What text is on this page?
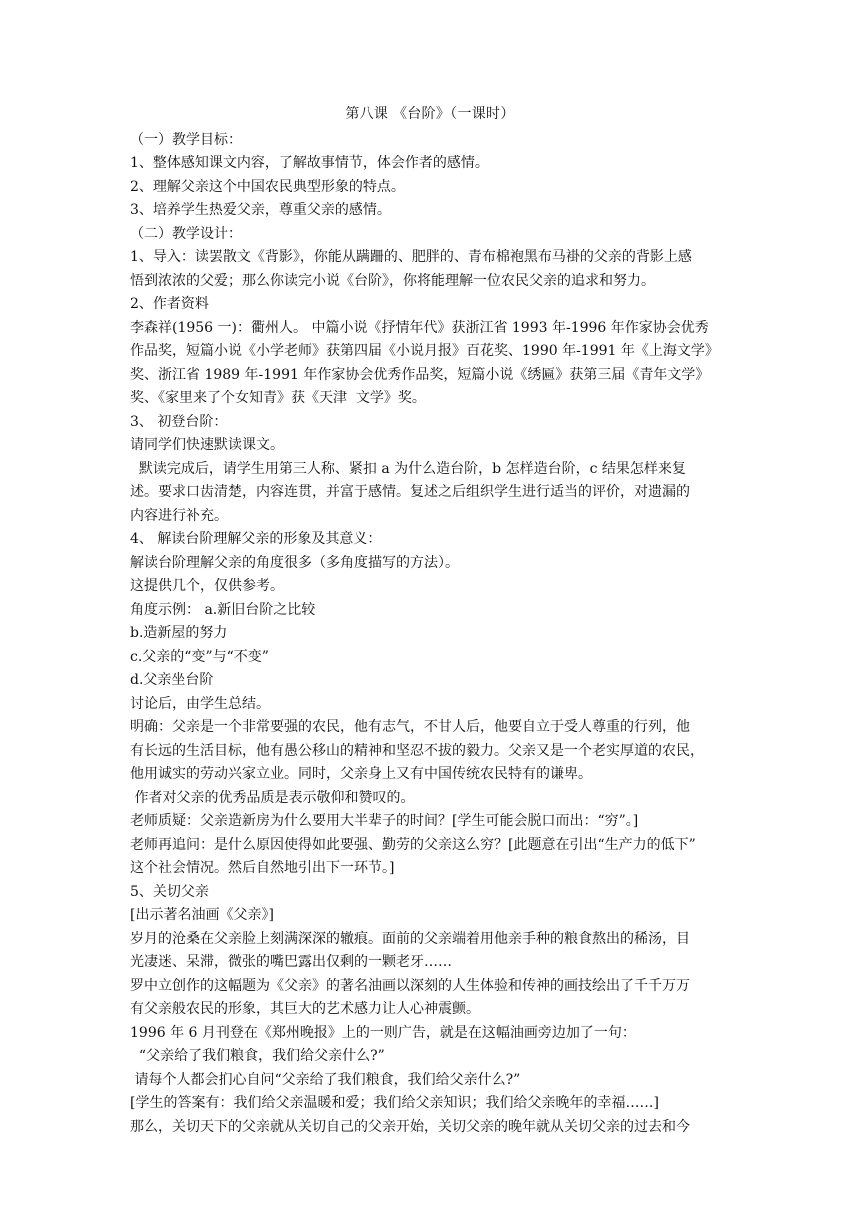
第八课 《台阶》（一课时）
（一）教学目标：
1、整体感知课文内容，了解故事情节，体会作者的感情。
2、理解父亲这个中国农民典型形象的特点。
3、培养学生热爱父亲，尊重父亲的感情。
（二）教学设计：
1、导入：读罢散文《背影》，你能从蹒跚的、肥胖的、青布棉袍黑布马褂的父亲的背影上感
悟到浓浓的父爱；那么你读完小说《台阶》，你将能理解一位农民父亲的追求和努力。
2、作者资料
李森祥(1956 一)：衢州人。 中篇小说《抒情年代》获浙江省 1993 年-1996 年作家协会优秀
作品奖，短篇小说《小学老师》获第四届《小说月报》百花奖、1990 年-1991 年《上海文学》
奖、浙江省 1989 年-1991 年作家协会优秀作品奖，短篇小说《绣匾》获第三届《青年文学》
奖、《家里来了个女知青》获《天津  文学》奖。
3、 初登台阶：
请同学们快速默读课文。
默读完成后，请学生用第三人称、紧扣 a 为什么造台阶，b 怎样造台阶，c 结果怎样来复
述。要求口齿清楚，内容连贯，并富于感情。复述之后组织学生进行适当的评价，对遗漏的
内容进行补充。
4、 解读台阶理解父亲的形象及其意义：
解读台阶理解父亲的角度很多（多角度描写的方法）。
这提供几个，仅供参考。
角度示例： a.新旧台阶之比较
b.造新屋的努力
c.父亲的“变”与“不变”
d.父亲坐台阶
讨论后，由学生总结。
明确：父亲是一个非常要强的农民，他有志气，不甘人后，他要自立于受人尊重的行列，他
有长远的生活目标，他有愚公移山的精神和坚忍不拔的毅力。父亲又是一个老实厚道的农民，
他用诚实的劳动兴家立业。同时，父亲身上又有中国传统农民特有的谦卑。
作者对父亲的优秀品质是表示敬仰和赞叹的。
老师质疑：父亲造新房为什么要用大半辈子的时间？[学生可能会脱口而出：“穷”。]
老师再追问：是什么原因使得如此要强、勤劳的父亲这么穷？[此题意在引出“生产力的低下”
这个社会情况。然后自然地引出下一环节。]
5、关切父亲
[出示著名油画《父亲》]
岁月的沧桑在父亲脸上刻满深深的辙痕。面前的父亲端着用他亲手种的粮食熬出的稀汤，目
光凄迷、呆滞，微张的嘴巴露出仅剩的一颗老牙……
罗中立创作的这幅题为《父亲》的著名油画以深刻的人生体验和传神的画技绘出了千千万万
有父亲般农民的形象，其巨大的艺术感力让人心神震颤。
1996 年 6 月刊登在《郑州晚报》上的一则广告，就是在这幅油画旁边加了一句：
“父亲给了我们粮食，我们给父亲什么?”
请每个人都会扪心自问“父亲给了我们粮食，我们给父亲什么?”
[学生的答案有：我们给父亲温暖和爱；我们给父亲知识；我们给父亲晚年的幸福……]
那么，关切天下的父亲就从关切自己的父亲开始，关切父亲的晚年就从关切父亲的过去和今
